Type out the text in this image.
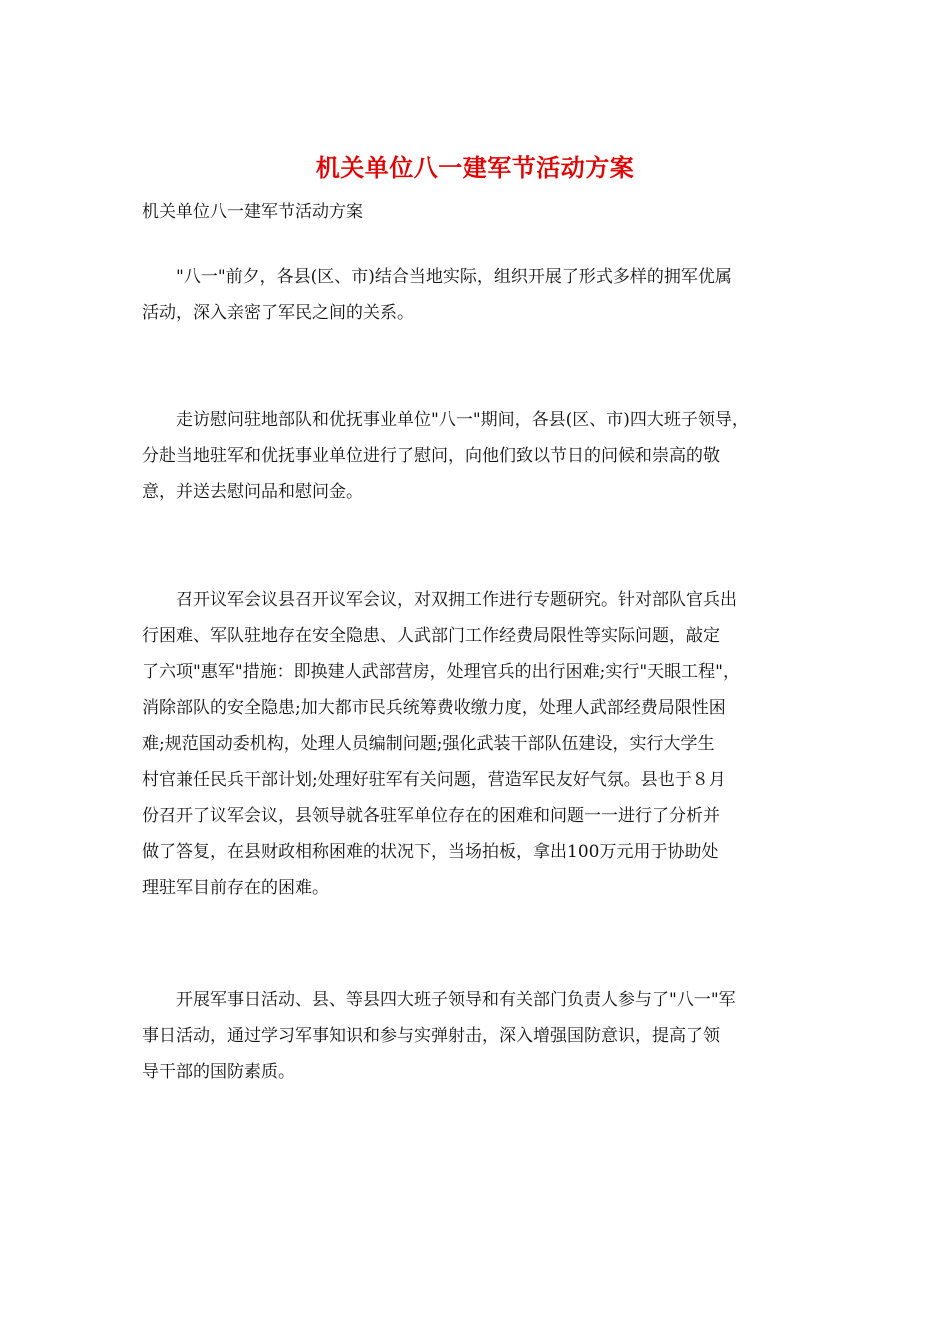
机关单位八一建军节活动方案
机关单位八一建军节活动方案
"八一"前夕，各县(区、市)结合当地实际，组织开展了形式多样的拥军优属
活动，深入亲密了军民之间的关系。
走访慰问驻地部队和优抚事业单位"八一"期间，各县(区、市)四大班子领导，
分赴当地驻军和优抚事业单位进行了慰问，向他们致以节日的问候和崇高的敬
意，并送去慰问品和慰问金。
召开议军会议县召开议军会议，对双拥工作进行专题研究。针对部队官兵出
行困难、军队驻地存在安全隐患、人武部门工作经费局限性等实际问题，敲定
了六项"惠军"措施：即换建人武部营房，处理官兵的出行困难;实行"天眼工程"，
消除部队的安全隐患;加大都市民兵统筹费收缴力度，处理人武部经费局限性困
难;规范国动委机构，处理人员编制问题;强化武装干部队伍建设，实行大学生
村官兼任民兵干部计划;处理好驻军有关问题，营造军民友好气氛。县也于８月
份召开了议军会议，县领导就各驻军单位存在的困难和问题一一进行了分析并
做了答复，在县财政相称困难的状况下，当场拍板，拿出100万元用于协助处
理驻军目前存在的困难。
开展军事日活动、县、等县四大班子领导和有关部门负责人参与了"八一"军
事日活动，通过学习军事知识和参与实弹射击，深入增强国防意识，提高了领
导干部的国防素质。
